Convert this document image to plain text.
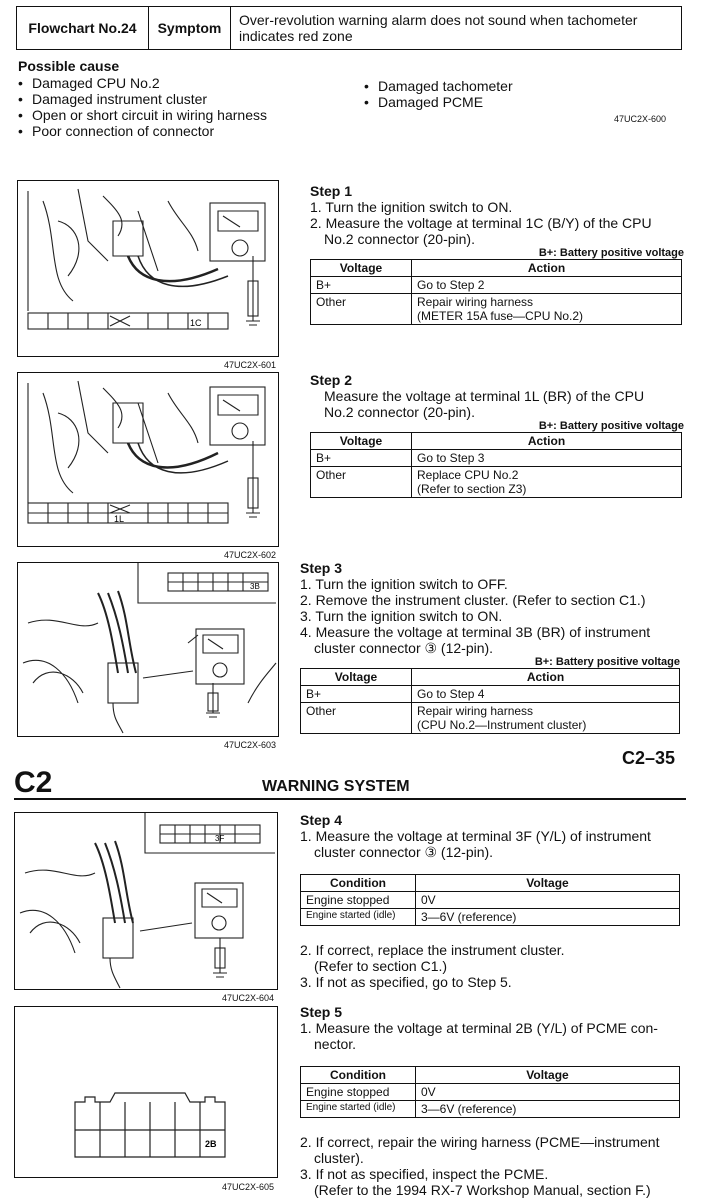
Flowchart No.24	Symptom	Over-revolution warning alarm does not sound when tachometer indicates red zone
Possible cause
• Damaged CPU No.2
• Damaged instrument cluster
• Open or short circuit in wiring harness
• Poor connection of connector
• Damaged tachometer
• Damaged PCME
47UC2X-600
1C
47UC2X-601
1L
47UC2X-602
3B
47UC2X-603
Step 1

1. Turn the ignition switch to ON.

2. Measure the voltage at terminal 1C (B/Y) of the CPU

No.2 connector (20-pin).

B+: Battery positive voltage
Voltage	Action
B+	Go to Step 2
Other	Repair wiring harness
(METER 15A fuse—CPU No.2)
Step 2

Measure the voltage at terminal 1L (BR) of the CPU

No.2 connector (20-pin).

B+: Battery positive voltage
Voltage	Action
B+	Go to Step 3
Other	Replace CPU No.2
(Refer to section Z3)
Step 3

1. Turn the ignition switch to OFF.

2. Remove the instrument cluster. (Refer to section C1.)

3. Turn the ignition switch to ON.

4. Measure the voltage at terminal 3B (BR) of instrument

cluster connector ③ (12-pin).

B+: Battery positive voltage
Voltage	Action
B+	Go to Step 4
Other	Repair wiring harness
(CPU No.2—Instrument cluster)
C2–35
C2	WARNING SYSTEM
3F
47UC2X-604
2B
47UC2X-605
Step 4

1. Measure the voltage at terminal 3F (Y/L) of instrument

cluster connector ③ (12-pin).

Condition	Voltage
Engine stopped	0V
Engine started (idle)	3—6V (reference)

2. If correct, replace the instrument cluster.

(Refer to section C1.)

3. If not as specified, go to Step 5.

Step 5

1. Measure the voltage at terminal 2B (Y/L) of PCME con-

nector.

Condition	Voltage
Engine stopped	0V
Engine started (idle)	3—6V (reference)

2. If correct, repair the wiring harness (PCME—instrument

cluster).

3. If not as specified, inspect the PCME.

(Refer to the 1994 RX-7 Workshop Manual, section F.)
